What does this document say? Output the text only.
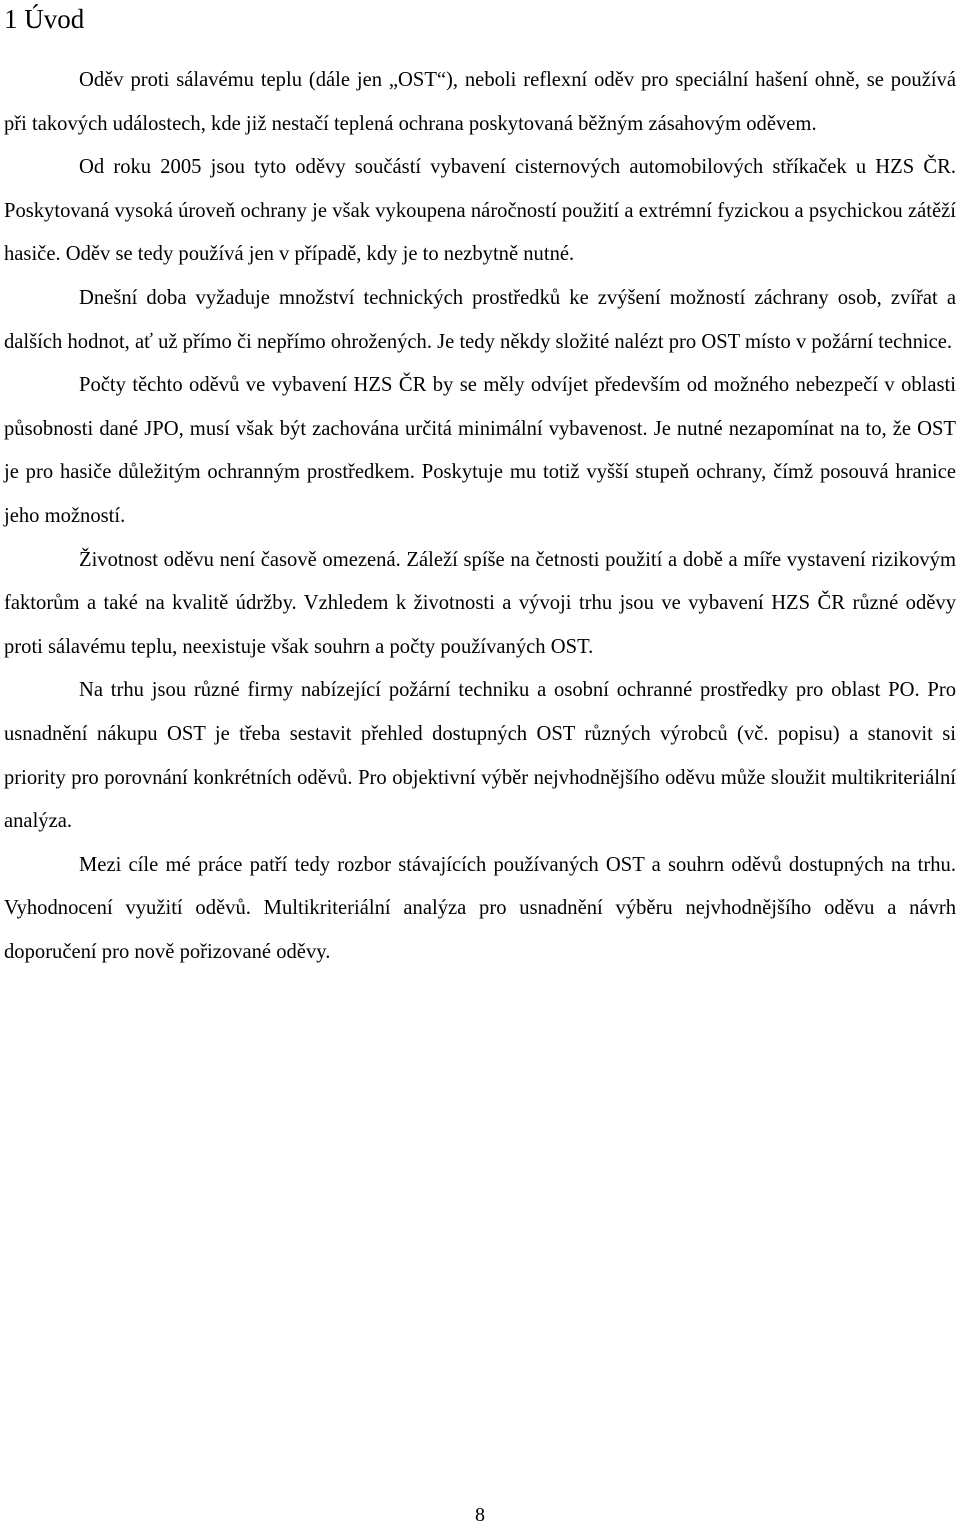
1 Úvod

Oděv proti sálavému teplu (dále jen „OST“), neboli reflexní oděv pro speciální hašení ohně, se používá při takových událostech, kde již nestačí teplená ochrana poskytovaná běžným zásahovým oděvem.

Od roku 2005 jsou tyto oděvy součástí vybavení cisternových automobilových stříkaček u HZS ČR. Poskytovaná vysoká úroveň ochrany je však vykoupena náročností použití a extrémní fyzickou a psychickou zátěží hasiče. Oděv se tedy používá jen v případě, kdy je to nezbytně nutné.

Dnešní doba vyžaduje množství technických prostředků ke zvýšení možností záchrany osob, zvířat a dalších hodnot, ať už přímo či nepřímo ohrožených. Je tedy někdy složité nalézt pro OST místo v požární technice.

Počty těchto oděvů ve vybavení HZS ČR by se měly odvíjet především od možného nebezpečí v oblasti působnosti dané JPO, musí však být zachována určitá minimální vybavenost. Je nutné nezapomínat na to, že OST je pro hasiče důležitým ochranným prostředkem. Poskytuje mu totiž vyšší stupeň ochrany, čímž posouvá hranice jeho možností.

Životnost oděvu není časově omezená. Záleží spíše na četnosti použití a době a míře vystavení rizikovým faktorům a také na kvalitě údržby. Vzhledem k životnosti a vývoji trhu jsou ve vybavení HZS ČR různé oděvy proti sálavému teplu, neexistuje však souhrn a počty používaných OST.

Na trhu jsou různé firmy nabízející požární techniku a osobní ochranné prostředky pro oblast PO. Pro usnadnění nákupu OST je třeba sestavit přehled dostupných OST různých výrobců (vč. popisu) a stanovit si priority pro porovnání konkrétních oděvů. Pro objektivní výběr nejvhodnějšího oděvu může sloužit multikriteriální analýza.

Mezi cíle mé práce patří tedy rozbor stávajících používaných OST a souhrn oděvů dostupných na trhu. Vyhodnocení využití oděvů. Multikriteriální analýza pro usnadnění výběru nejvhodnějšího oděvu a návrh doporučení pro nově pořizované oděvy.

8
